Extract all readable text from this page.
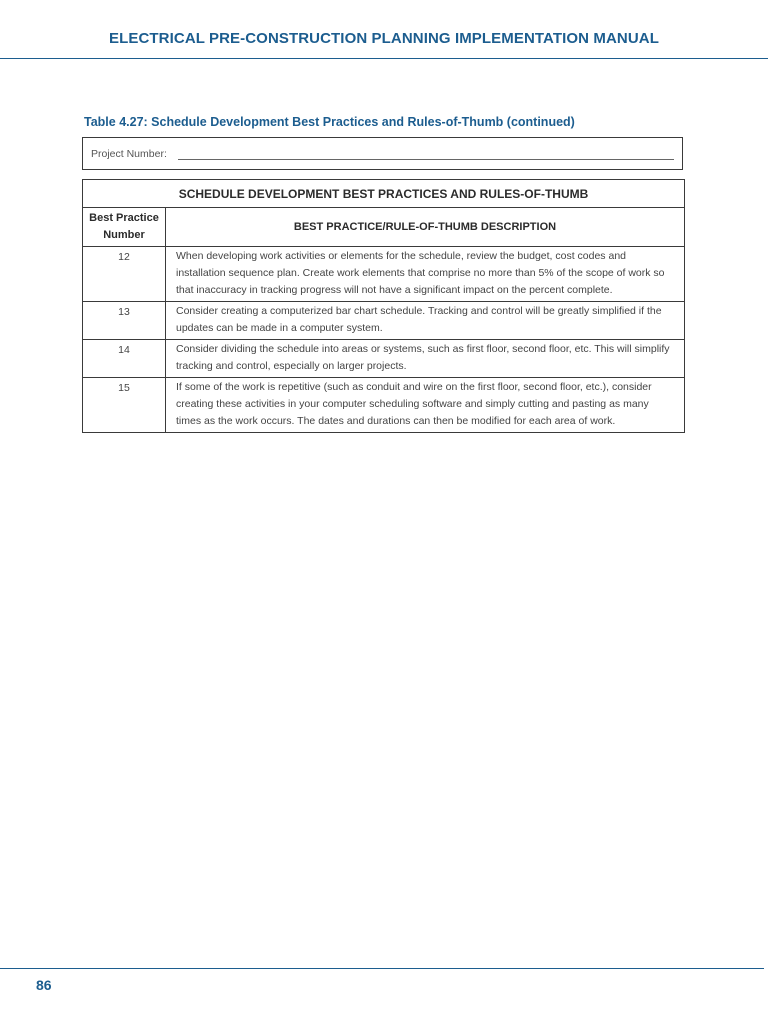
ELECTRICAL PRE-CONSTRUCTION PLANNING IMPLEMENTATION MANUAL
Table 4.27: Schedule Development Best Practices and Rules-of-Thumb (continued)
Project Number:
SCHEDULE DEVELOPMENT BEST PRACTICES AND RULES-OF-THUMB	
Best Practice Number	BEST PRACTICE/RULE-OF-THUMB DESCRIPTION
12	When developing work activities or elements for the schedule, review the budget, cost codes and installation sequence plan. Create work elements that comprise no more than 5% of the scope of work so that inaccuracy in tracking progress will not have a significant impact on the percent complete.
13	Consider creating a computerized bar chart schedule. Tracking and control will be greatly simplified if the updates can be made in a computer system.
14	Consider dividing the schedule into areas or systems, such as first floor, second floor, etc. This will simplify tracking and control, especially on larger projects.
15	If some of the work is repetitive (such as conduit and wire on the first floor, second floor, etc.), consider creating these activities in your computer scheduling software and simply cutting and pasting as many times as the work occurs. The dates and durations can then be modified for each area of work.
86
